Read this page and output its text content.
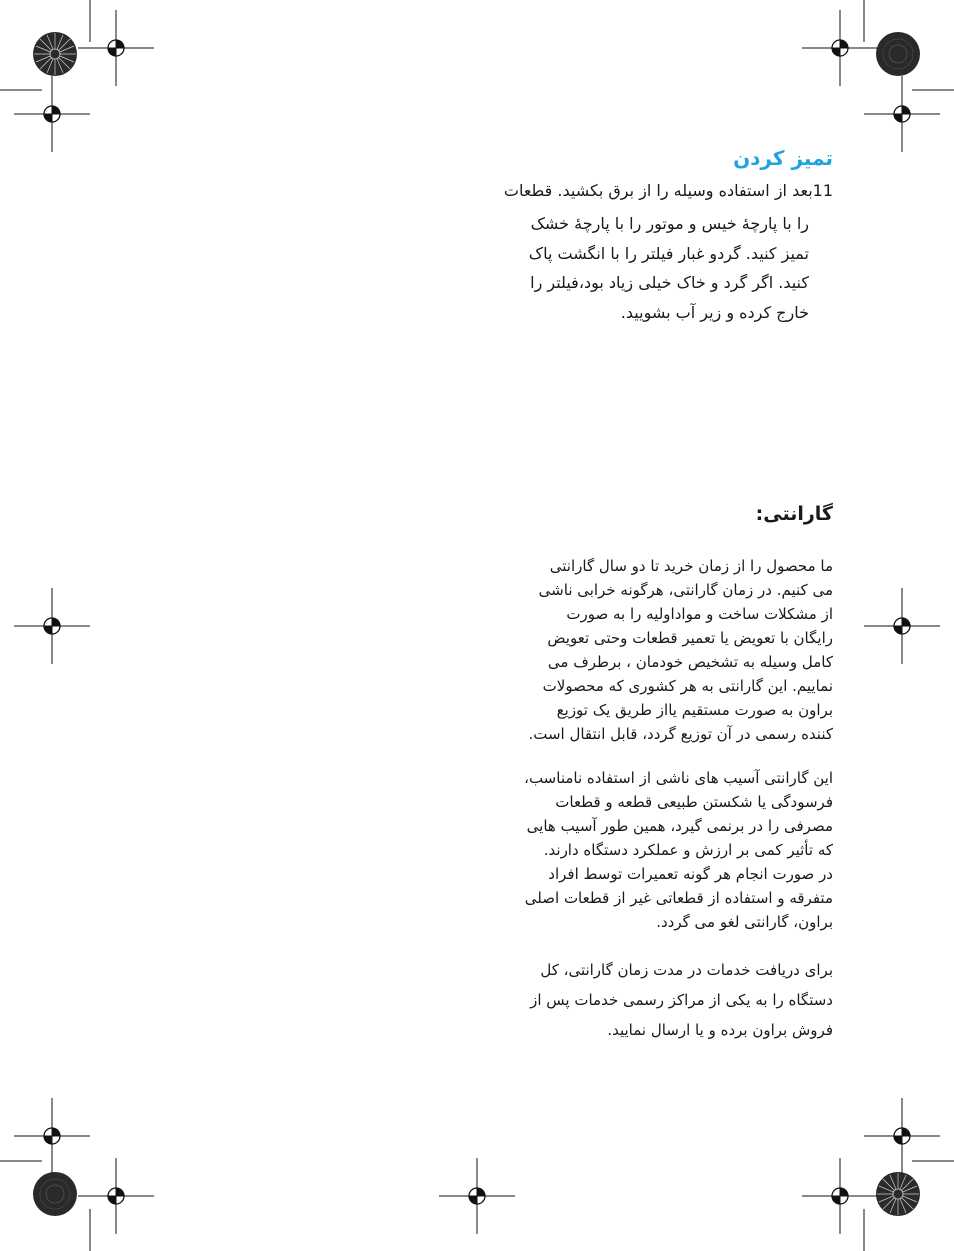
تمیز کردن
11بعد از استفاده وسیله را از برق بکشید. قطعات
را با پارچهٔ خیس و موتور را با پارچهٔ خشک
تمیز کنید. گردو غبار فیلتر را با انگشت پاک
کنید. اگر گرد و خاک خیلی زیاد بود،فیلتر را
خارج کرده و زیر آب بشویید.
گارانتی:
ما محصول را از زمان خرید تا دو سال گارانتی
می کنیم. در زمان گارانتی، هرگونه خرابی ناشی
از مشکلات ساخت و مواداولیه را به صورت
رایگان با تعویض یا تعمیر قطعات وحتی تعویض
کامل وسیله به تشخیص خودمان ، برطرف می
نماییم. این گارانتی به هر کشوری که محصولات
براون به صورت مستقیم یااز طریق یک توزیع
کننده رسمی در آن توزیع گردد، قابل انتقال است.
این گارانتی آسیب های ناشی از استفاده نامناسب،
فرسودگی یا شکستن طبیعی قطعه و قطعات
مصرفی را در برنمی گیرد، همین طور آسیب هایی
که تأثیر کمی بر ارزش و عملکرد دستگاه دارند.
در صورت انجام هر گونه تعمیرات توسط افراد
متفرقه و استفاده از قطعاتی غیر از قطعات اصلی
براون، گارانتی لغو می گردد.
برای دریافت خدمات در مدت زمان گارانتی، کل
دستگاه را به یکی از مراکز رسمی خدمات پس از
فروش براون برده و یا ارسال نمایید.
